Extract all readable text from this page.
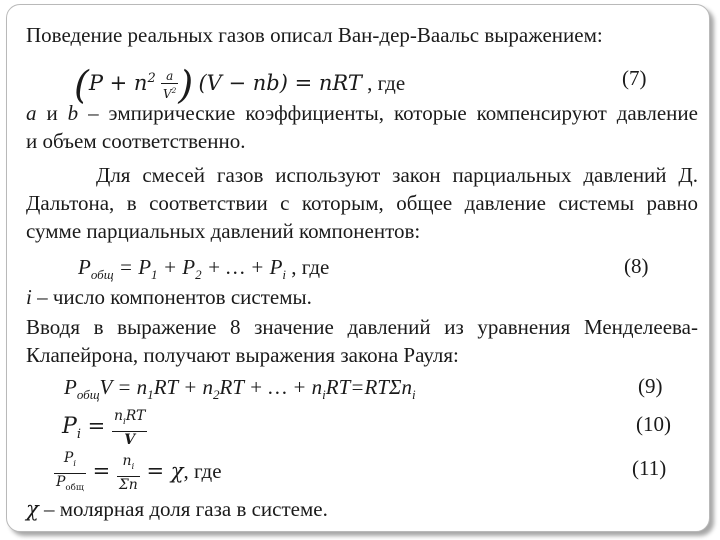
Поведение реальных газов описал Ван-дер-Ваальс выражением:
($P + n^2 \frac{a}{V^2}$ ) (V − nb) = nRT , где	(7)
a и b – эмпирические коэффициенты, которые компенсируют давление
и объем соответственно.
Для смесей газов используют закон парциальных давлений Д.
Дальтона, в соответствии с которым, общее давление системы равно
сумме парциальных давлений компонентов:
$P_{общ} = P_1 + P_2$ + … + $P_i$ , где	(8)
i – число компонентов системы.
Вводя в выражение 8 значение давлений из уравнения Менделеева-
Клапейрона, получают выражения закона Рауля:
$P_{общ}V = n_1RT + n_2RT$ + … + $n_iRT=RT\Sigma n_i$	(9)
$P_i = \frac{n_iRT}{V}$	(10)
$\frac{P_i}{P_{общ}} = \frac{n_i}{\Sigma n} = \chi$, где	(11)
χ – молярная доля газа в системе.
